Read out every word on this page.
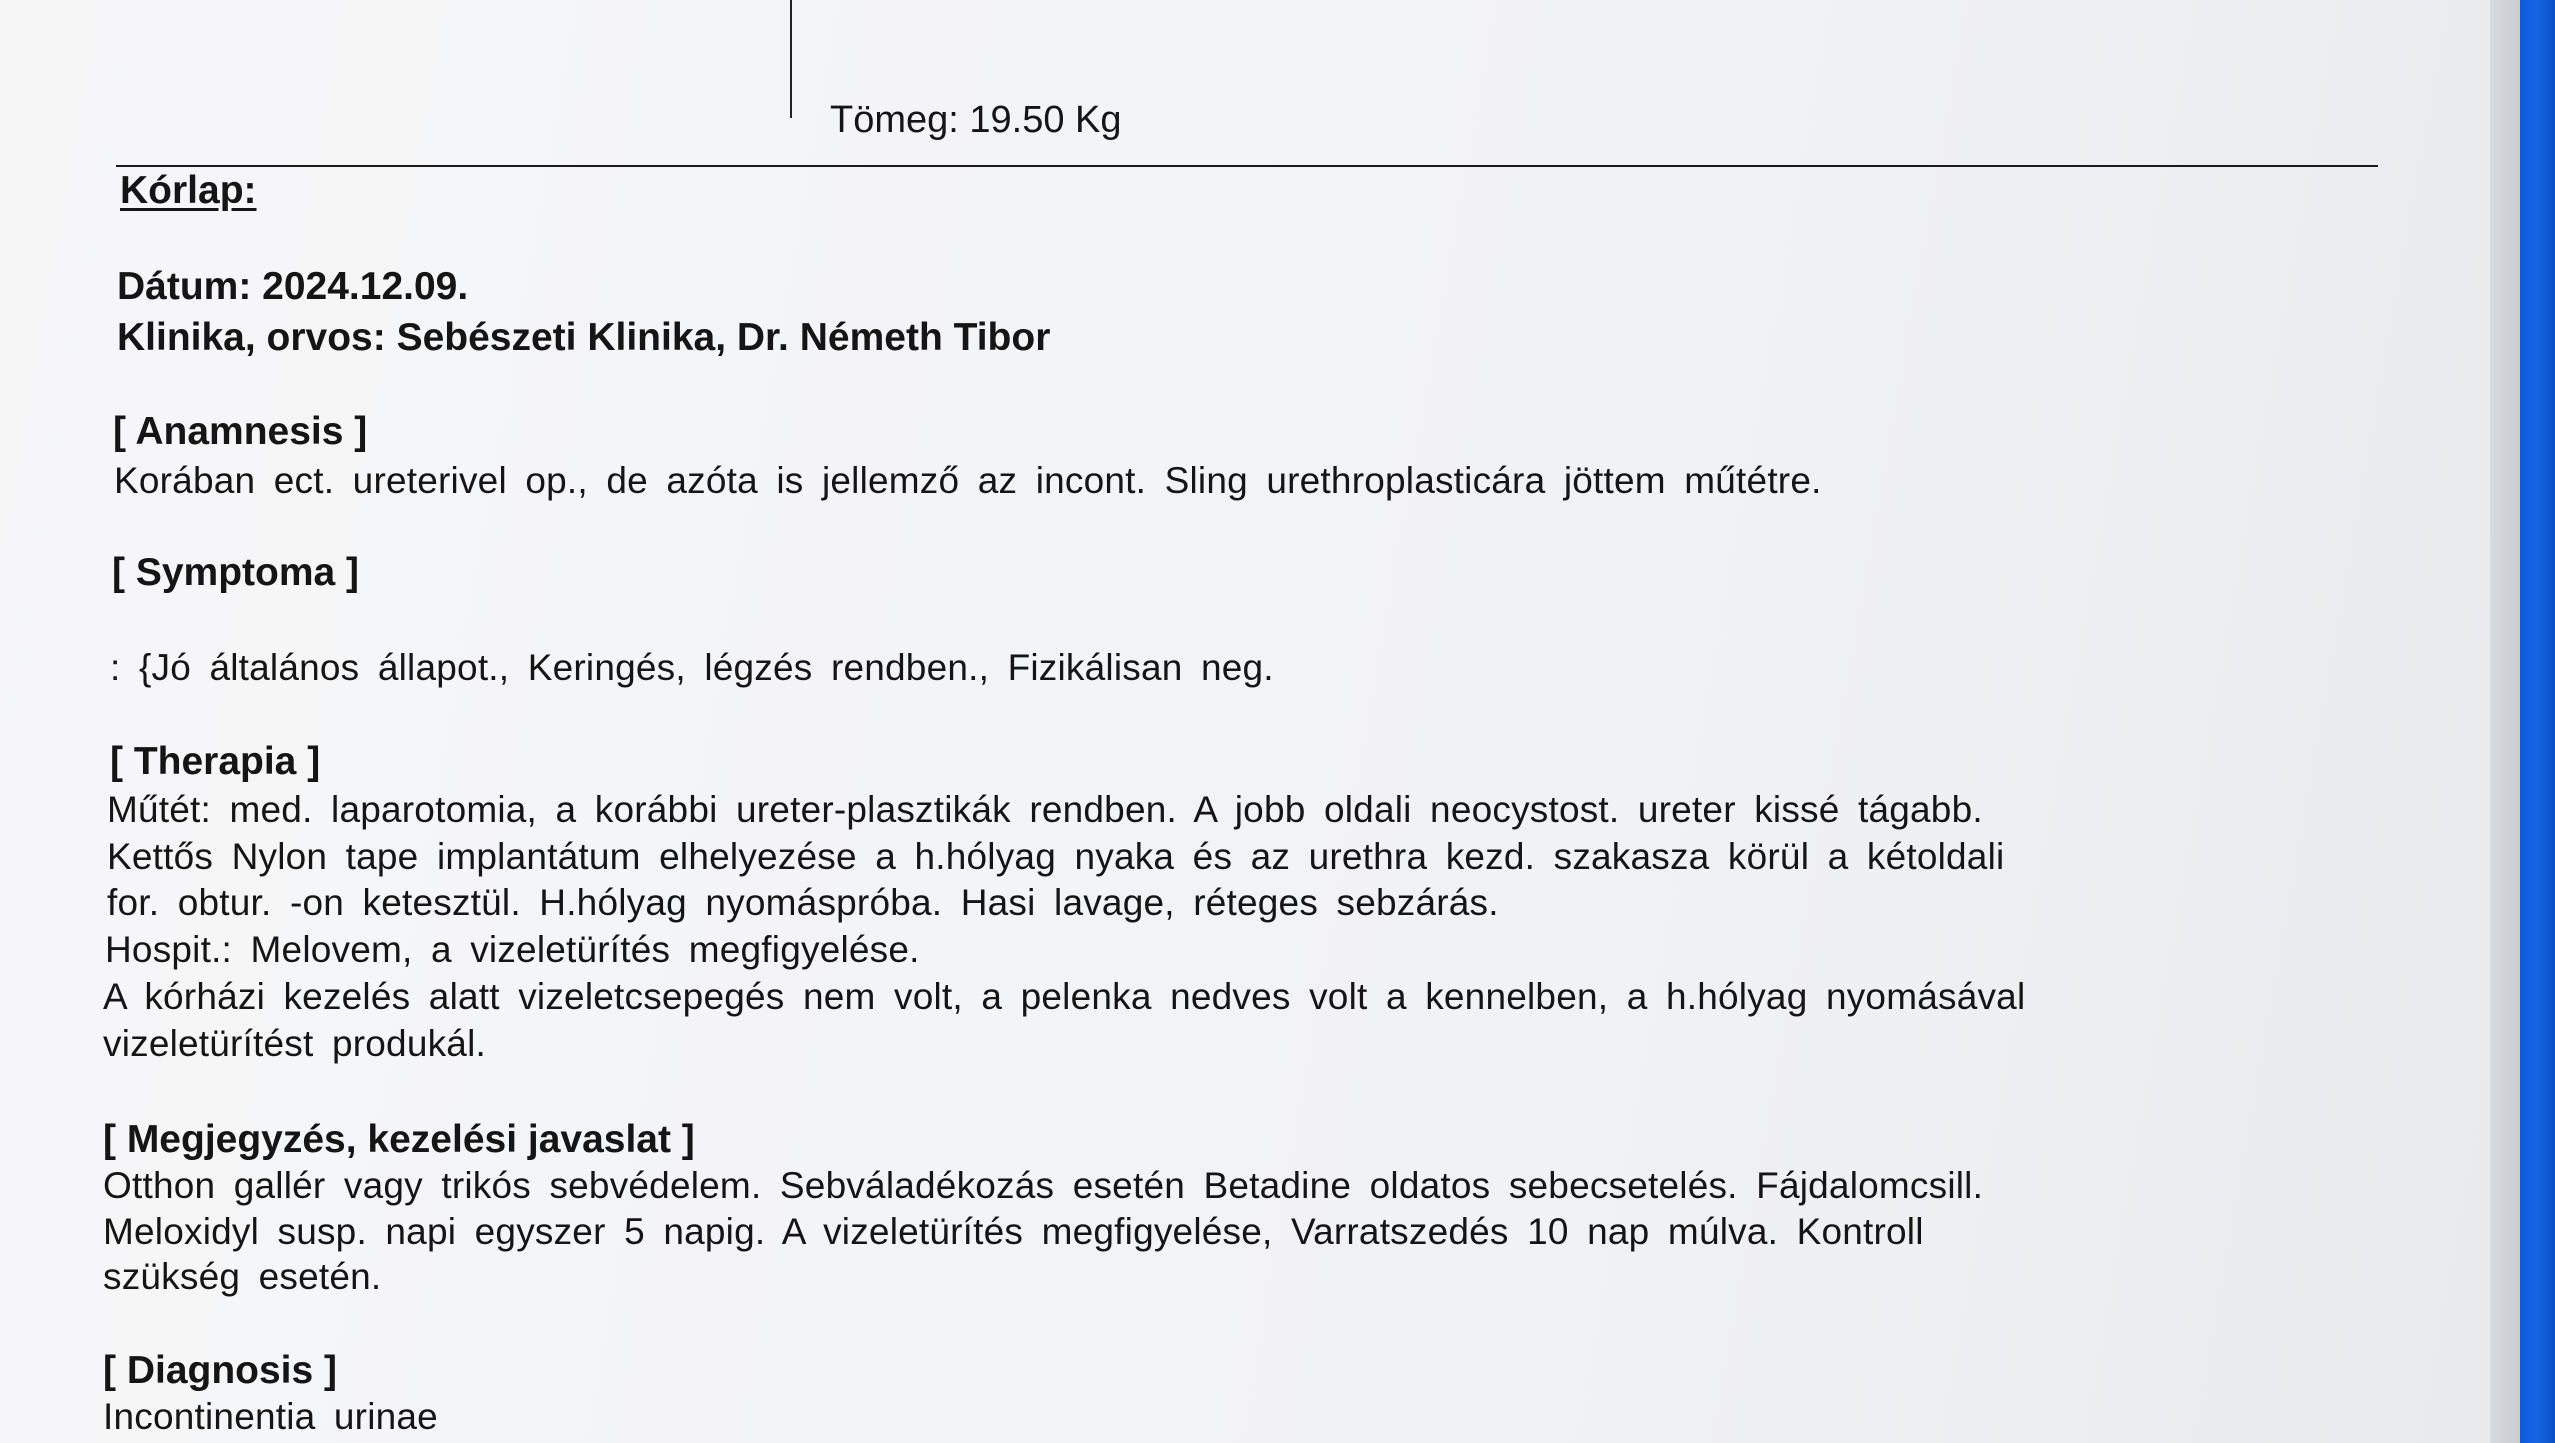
Tömeg: 19.50 Kg
Kórlap:
Dátum: 2024.12.09.
Klinika, orvos: Sebészeti Klinika, Dr. Németh Tibor
[ Anamnesis ]
Korában ect. ureterivel op., de azóta is jellemző az incont. Sling urethroplasticára jöttem műtétre.
[ Symptoma ]
: {Jó általános állapot., Keringés, légzés rendben., Fizikálisan neg.
[ Therapia ]
Műtét: med. laparotomia, a korábbi ureter-plasztikák rendben. A jobb oldali neocystost. ureter kissé tágabb.
Kettős Nylon tape implantátum elhelyezése a h.hólyag nyaka és az urethra kezd. szakasza körül a kétoldali
for. obtur. -on ketesztül. H.hólyag nyomáspróba. Hasi lavage, réteges sebzárás.
Hospit.: Melovem, a vizeletürítés megfigyelése.
A kórházi kezelés alatt vizeletcsepegés nem volt, a pelenka nedves volt a kennelben, a h.hólyag nyomásával
vizeletürítést produkál.
[ Megjegyzés, kezelési javaslat ]
Otthon gallér vagy trikós sebvédelem. Sebváladékozás esetén Betadine oldatos sebecsetelés. Fájdalomcsill.
Meloxidyl susp. napi egyszer 5 napig. A vizeletürítés megfigyelése, Varratszedés 10 nap múlva. Kontroll
szükség esetén.
[ Diagnosis ]
Incontinentia urinae
